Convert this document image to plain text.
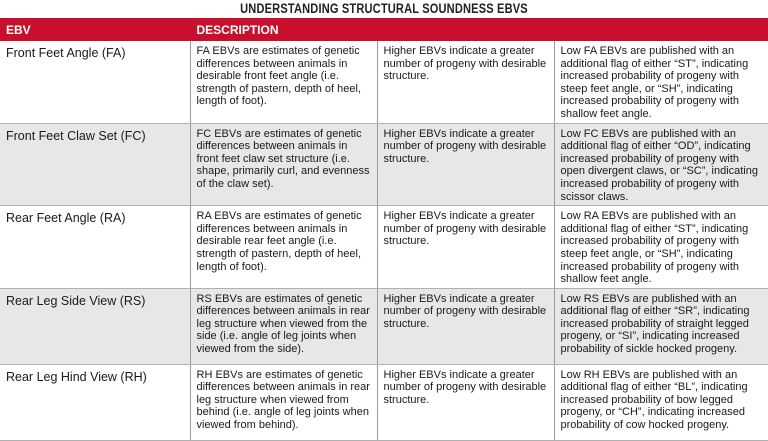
UNDERSTANDING STRUCTURAL SOUNDNESS EBVS
EBV	DESCRIPTION		
Front Feet Angle (FA)	FA EBVs are estimates of genetic differences between animals in desirable front feet angle (i.e. strength of pastern, depth of heel, length of foot).	Higher EBVs indicate a greater number of progeny with desirable structure.	Low FA EBVs are published with an additional flag of either “ST”, indicating increased probability of progeny with steep feet angle, or “SH”, indicating increased probability of progeny with shallow feet angle.
Front Feet Claw Set (FC)	FC EBVs are estimates of genetic differences between animals in front feet claw set structure (i.e. shape, primarily curl, and evenness of the claw set).	Higher EBVs indicate a greater number of progeny with desirable structure.	Low FC EBVs are published with an additional flag of either “OD”, indicating increased probability of progeny with open divergent claws, or “SC”, indicating increased probability of progeny with scissor claws.
Rear Feet Angle (RA)	RA EBVs are estimates of genetic differences between animals in desirable rear feet angle (i.e. strength of pastern, depth of heel, length of foot).	Higher EBVs indicate a greater number of progeny with desirable structure.	Low RA EBVs are published with an additional flag of either “ST”, indicating increased probability of progeny with steep feet angle, or “SH”, indicating increased probability of progeny with shallow feet angle.
Rear Leg Side View (RS)	RS EBVs are estimates of genetic differences between animals in rear leg structure when viewed from the side (i.e. angle of leg joints when viewed from the side).	Higher EBVs indicate a greater number of progeny with desirable structure.	Low RS EBVs are published with an additional flag of either “SR”, indicating increased probability of straight legged progeny, or “SI”, indicating increased probability of sickle hocked progeny.
Rear Leg Hind View (RH)	RH EBVs are estimates of genetic differences between animals in rear leg structure when viewed from behind (i.e. angle of leg joints when viewed from behind).	Higher EBVs indicate a greater number of progeny with desirable structure.	Low RH EBVs are published with an additional flag of either “BL”, indicating increased probability of bow legged progeny, or “CH”, indicating increased probability of cow hocked progeny.
